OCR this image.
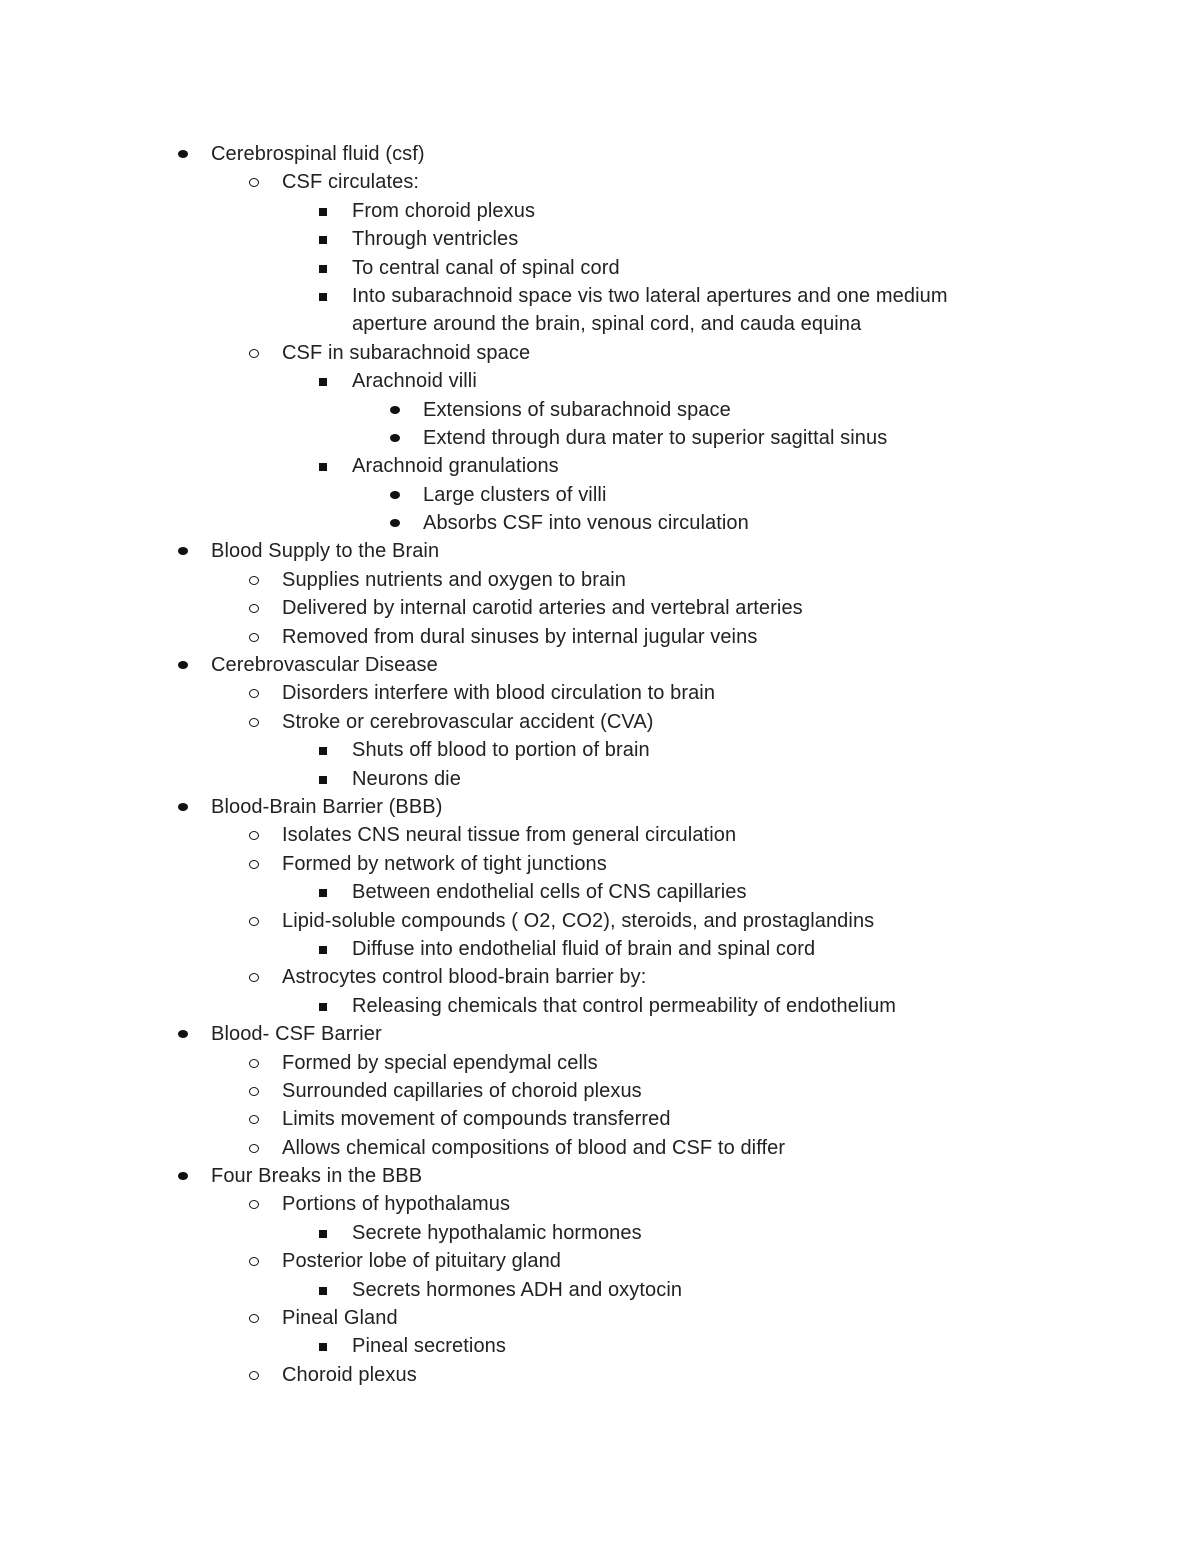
Cerebrospinal fluid (csf)
CSF circulates:
From choroid plexus
Through ventricles
To central canal of spinal cord
Into subarachnoid space vis two lateral apertures and one medium aperture around the brain, spinal cord, and cauda equina
CSF in subarachnoid space
Arachnoid villi
Extensions of subarachnoid space
Extend through dura mater to superior sagittal sinus
Arachnoid granulations
Large clusters of villi
Absorbs CSF into venous circulation
Blood Supply to the Brain
Supplies nutrients and oxygen to brain
Delivered by internal carotid arteries and vertebral arteries
Removed from dural sinuses by internal jugular veins
Cerebrovascular Disease
Disorders interfere with blood circulation to brain
Stroke or cerebrovascular accident (CVA)
Shuts off blood to portion of brain
Neurons die
Blood-Brain Barrier (BBB)
Isolates CNS neural tissue from general circulation
Formed by network of tight junctions
Between endothelial cells of CNS capillaries
Lipid-soluble compounds ( O2, CO2), steroids, and prostaglandins
Diffuse into endothelial fluid of brain and spinal cord
Astrocytes control blood-brain barrier by:
Releasing chemicals that control permeability of endothelium
Blood- CSF Barrier
Formed by special ependymal cells
Surrounded capillaries of choroid plexus
Limits movement of compounds transferred
Allows chemical compositions of blood and CSF to differ
Four Breaks in the BBB
Portions of hypothalamus
Secrete hypothalamic hormones
Posterior lobe of pituitary gland
Secrets hormones ADH and oxytocin
Pineal Gland
Pineal secretions
Choroid plexus
